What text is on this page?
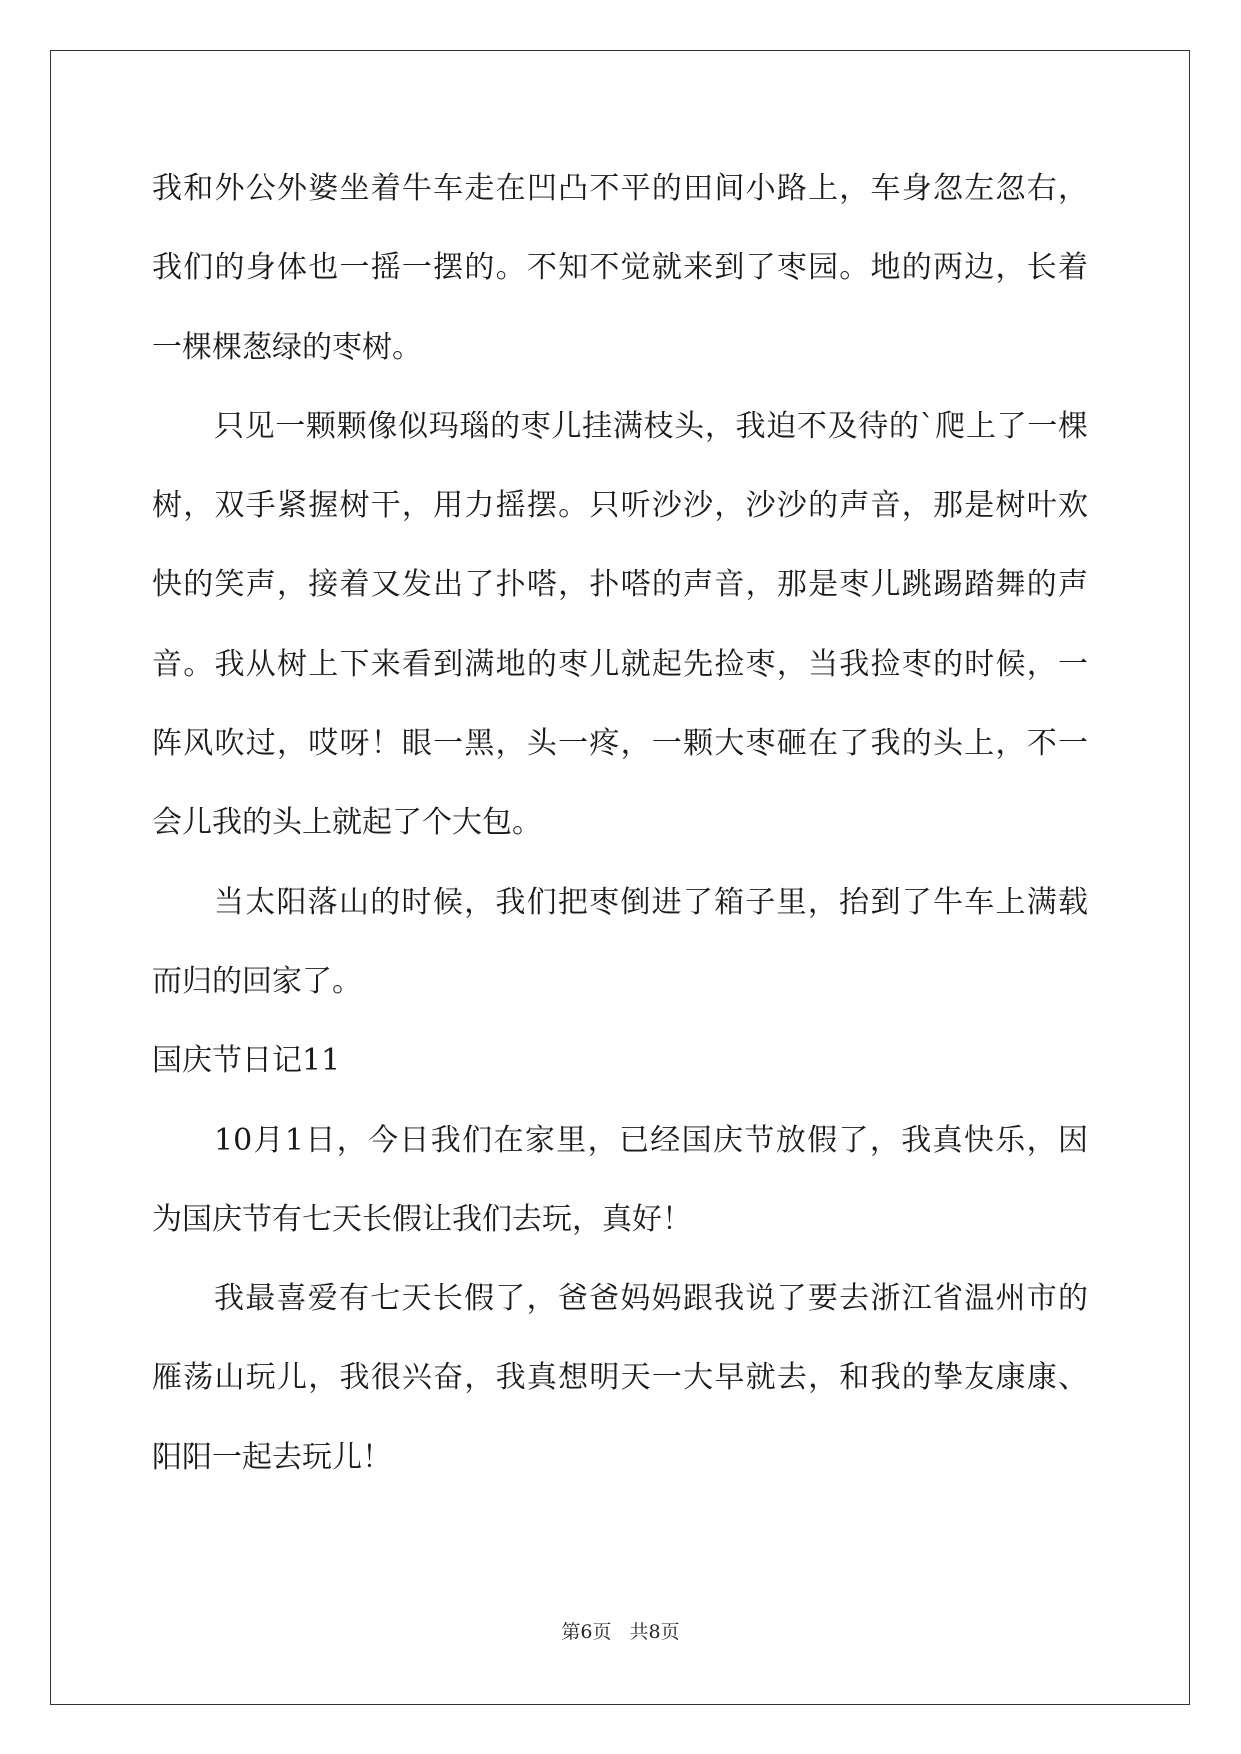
我和外公外婆坐着牛车走在凹凸不平的田间小路上，车身忽左忽右，
我们的身体也一摇一摆的。不知不觉就来到了枣园。地的两边，长着
一棵棵葱绿的枣树。
只见一颗颗像似玛瑙的枣儿挂满枝头，我迫不及待的`爬上了一棵
树，双手紧握树干，用力摇摆。只听沙沙，沙沙的声音，那是树叶欢
快的笑声，接着又发出了扑嗒，扑嗒的声音，那是枣儿跳踢踏舞的声
音。我从树上下来看到满地的枣儿就起先捡枣，当我捡枣的时候，一
阵风吹过，哎呀！眼一黑，头一疼，一颗大枣砸在了我的头上，不一
会儿我的头上就起了个大包。
当太阳落山的时候，我们把枣倒进了箱子里，抬到了牛车上满载
而归的回家了。
国庆节日记11
10月1日，今日我们在家里，已经国庆节放假了，我真快乐，因
为国庆节有七天长假让我们去玩，真好！
我最喜爱有七天长假了，爸爸妈妈跟我说了要去浙江省温州市的
雁荡山玩儿，我很兴奋，我真想明天一大早就去，和我的挚友康康、
阳阳一起去玩儿！
第6页 共8页
